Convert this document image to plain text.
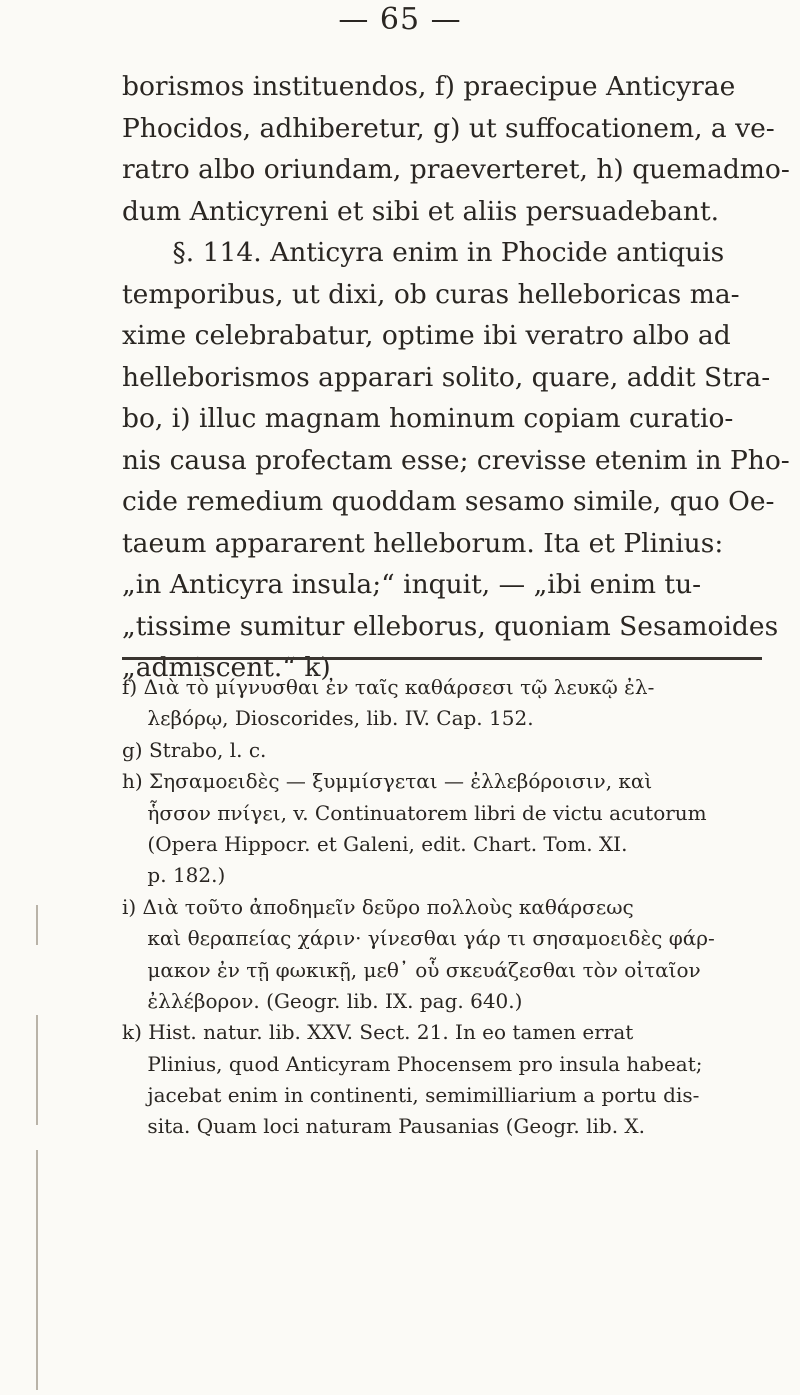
— 65 —
borismos instituendos, f) praecipue Anticyrae
Phocidos, adhiberetur, g) ut suffocationem, a ve-
ratro albo oriundam, praeverteret, h) quemadmo-
dum Anticyreni et sibi et aliis persuadebant.
§. 114. Anticyra enim in Phocide antiquis
temporibus, ut dixi, ob curas helleboricas ma-
xime celebrabatur, optime ibi veratro albo ad
helleborismos apparari solito, quare, addit Stra-
bo, i) illuc magnam hominum copiam curatio-
nis causa profectam esse; crevisse etenim in Pho-
cide remedium quoddam sesamo simile, quo Oe-
taeum appararent helleborum. Ita et Plinius:
„in Anticyra insula;“ inquit, — „ibi enim tu-
„tissime sumitur elleborus, quoniam Sesamoides
„admiscent.“ k)
f) Διὰ τὸ μίγνυσθαι ἐν ταῖς καθάρσεσι τῷ λευκῷ ἐλ-
λεβόρῳ, Dioscorides, lib. IV. Cap. 152.
g) Strabo, l. c.
h) Σησαμοειδὲς — ξυμμίσγεται — ἐλλεβόροισιν, καὶ
ἧσσον πνίγει, v. Continuatorem libri de victu acutorum
(Opera Hippocr. et Galeni, edit. Chart. Tom. XI.
p. 182.)
i) Διὰ τοῦτο ἀποδημεῖν δεῦρο πολλοὺς καθάρσεως
καὶ θεραπείας χάριν· γίνεσθαι γάρ τι σησαμοειδὲς φάρ-
μακον ἐν τῇ φωκικῇ, μεθ᾽ οὗ σκευάζεσθαι τὸν οἰταῖον
ἐλλέβορον. (Geogr. lib. IX. pag. 640.)
k) Hist. natur. lib. XXV. Sect. 21. In eo tamen errat
Plinius, quod Anticyram Phocensem pro insula habeat;
jacebat enim in continenti, semimilliarium a portu dis-
sita. Quam loci naturam Pausanias (Geogr. lib. X.
